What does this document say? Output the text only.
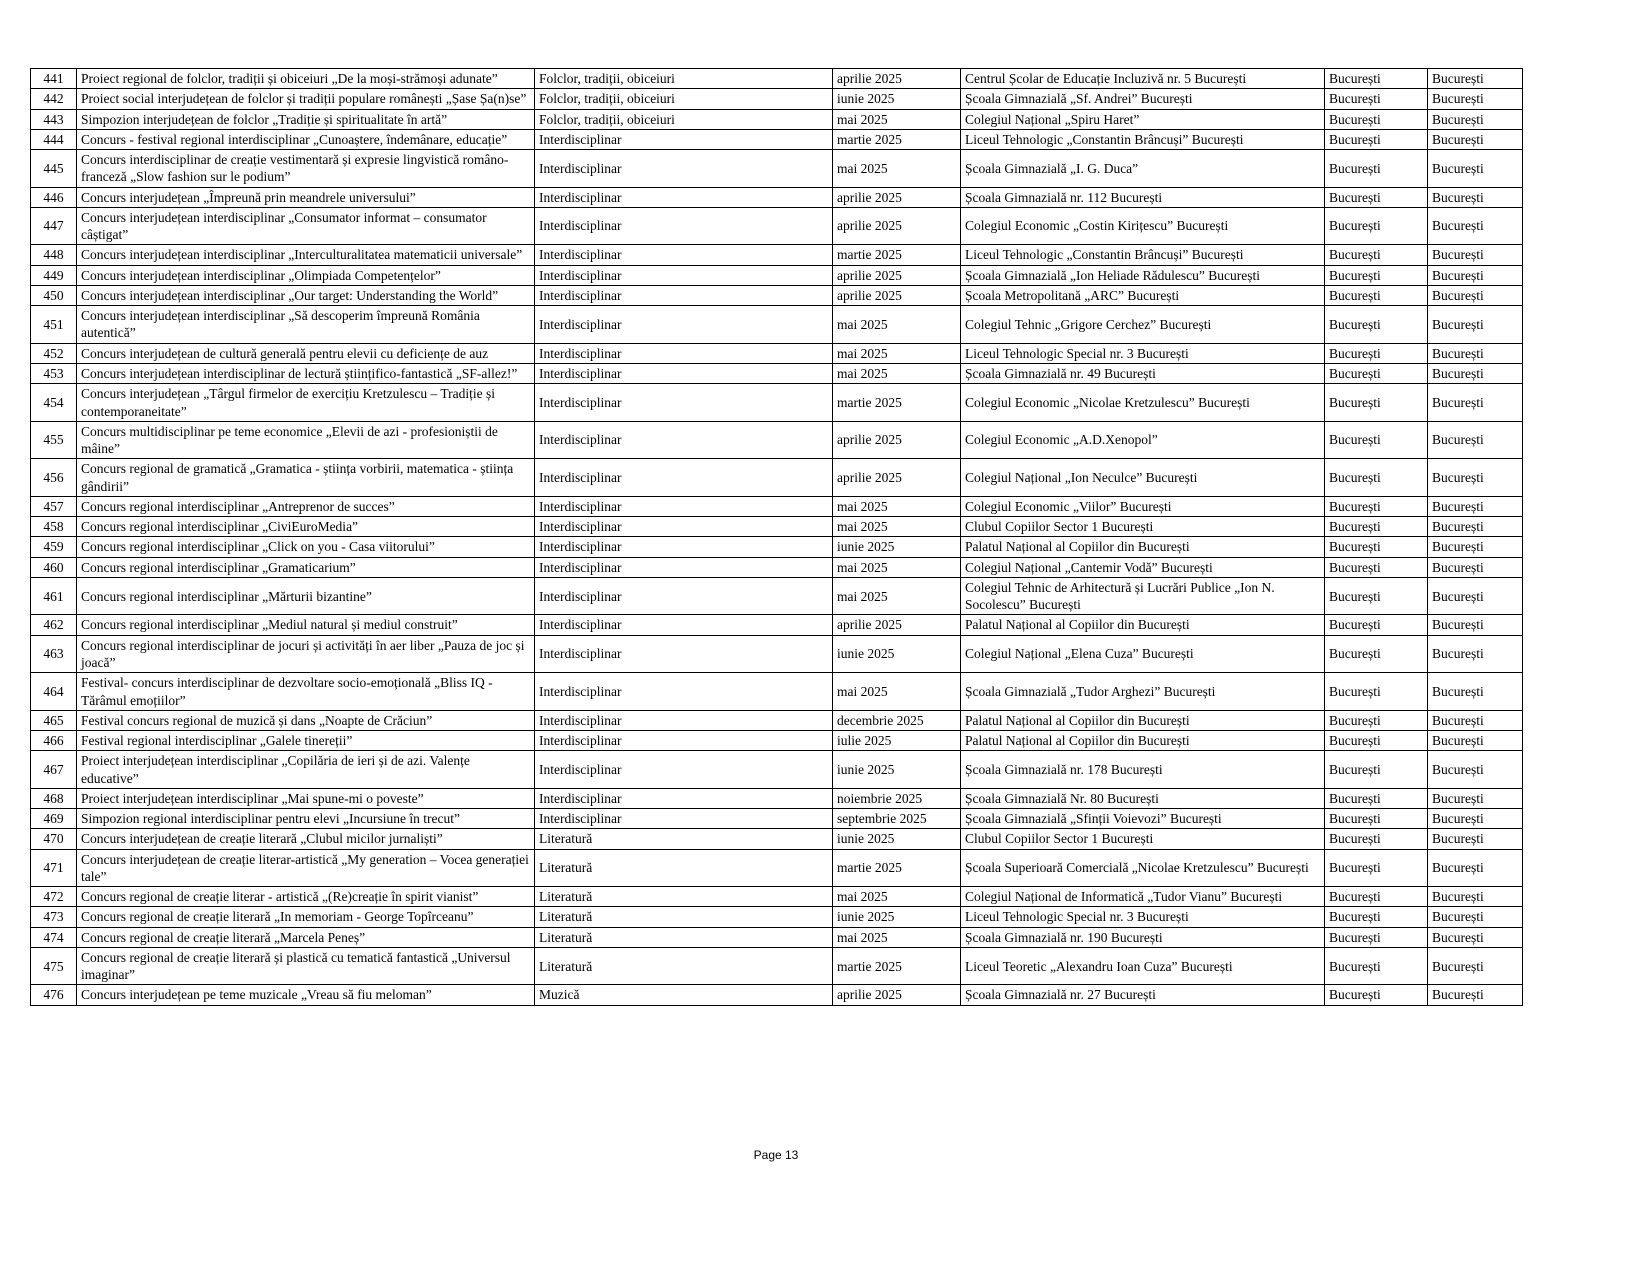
441	Proiect regional de folclor, tradiții și obiceiuri „De la moși-strămoși adunate”	Folclor, tradiții, obiceiuri	aprilie 2025	Centrul Școlar de Educație Incluzivă nr. 5 București	București	București
442	Proiect social interjudețean de folclor și tradiții populare românești „Șase Șa(n)se”	Folclor, tradiții, obiceiuri	iunie 2025	Școala Gimnazială „Sf. Andrei” București	București	București
443	Simpozion interjudețean de folclor „Tradiție și spiritualitate în artă”	Folclor, tradiții, obiceiuri	mai 2025	Colegiul Național „Spiru Haret”	București	București
444	Concurs - festival regional interdisciplinar „Cunoaștere, îndemânare, educație”	Interdisciplinar	martie 2025	Liceul Tehnologic „Constantin Brâncuși” București	București	București
445	Concurs interdisciplinar de creație vestimentară și expresie lingvistică româno-franceză „Slow fashion sur le podium”	Interdisciplinar	mai 2025	Școala Gimnazială „I. G. Duca”	București	București
446	Concurs interjudețean „Împreună prin meandrele universului”	Interdisciplinar	aprilie 2025	Școala Gimnazială nr. 112 București	București	București
447	Concurs interjudețean interdisciplinar „Consumator informat – consumator câștigat”	Interdisciplinar	aprilie 2025	Colegiul Economic „Costin Kirițescu” București	București	București
448	Concurs interjudețean interdisciplinar „Interculturalitatea matematicii universale”	Interdisciplinar	martie 2025	Liceul Tehnologic „Constantin Brâncuși” București	București	București
449	Concurs interjudețean interdisciplinar „Olimpiada Competențelor”	Interdisciplinar	aprilie 2025	Școala Gimnazială „Ion Heliade Rădulescu” București	București	București
450	Concurs interjudețean interdisciplinar „Our target: Understanding the World”	Interdisciplinar	aprilie 2025	Școala Metropolitană „ARC” București	București	București
451	Concurs interjudețean interdisciplinar „Să descoperim împreună România autentică”	Interdisciplinar	mai 2025	Colegiul Tehnic „Grigore Cerchez” București	București	București
452	Concurs interjudețean de cultură generală pentru elevii cu deficiențe de auz	Interdisciplinar	mai 2025	Liceul Tehnologic Special nr. 3 București	București	București
453	Concurs interjudețean interdisciplinar de lectură științifico-fantastică „SF-allez!”	Interdisciplinar	mai 2025	Școala Gimnazială nr. 49 București	București	București
454	Concurs interjudețean „Târgul firmelor de exercițiu Kretzulescu – Tradiție și contemporaneitate”	Interdisciplinar	martie 2025	Colegiul Economic „Nicolae Kretzulescu” București	București	București
455	Concurs multidisciplinar pe teme economice „Elevii de azi - profesioniștii de mâine”	Interdisciplinar	aprilie 2025	Colegiul Economic „A.D.Xenopol”	București	București
456	Concurs regional de gramatică „Gramatica - știința vorbirii, matematica - știința gândirii”	Interdisciplinar	aprilie 2025	Colegiul Național „Ion Neculce” București	București	București
457	Concurs regional interdisciplinar „Antreprenor de succes”	Interdisciplinar	mai 2025	Colegiul Economic „Viilor” București	București	București
458	Concurs regional interdisciplinar „CiviEuroMedia”	Interdisciplinar	mai 2025	Clubul Copiilor Sector 1 București	București	București
459	Concurs regional interdisciplinar „Click on you - Casa viitorului”	Interdisciplinar	iunie 2025	Palatul Național al Copiilor din București	București	București
460	Concurs regional interdisciplinar „Gramaticarium”	Interdisciplinar	mai 2025	Colegiul Național „Cantemir Vodă” București	București	București
461	Concurs regional interdisciplinar „Mărturii bizantine”	Interdisciplinar	mai 2025	Colegiul Tehnic de Arhitectură și Lucrări Publice „Ion N. Socolescu” București	București	București
462	Concurs regional interdisciplinar „Mediul natural și mediul construit”	Interdisciplinar	aprilie 2025	Palatul Național al Copiilor din București	București	București
463	Concurs regional interdisciplinar de jocuri și activități în aer liber „Pauza de joc și joacă”	Interdisciplinar	iunie 2025	Colegiul Național „Elena Cuza” București	București	București
464	Festival- concurs interdisciplinar de dezvoltare socio-emoțională „Bliss IQ - Tărâmul emoțiilor”	Interdisciplinar	mai 2025	Școala Gimnazială „Tudor Arghezi” București	București	București
465	Festival concurs regional de muzică și dans „Noapte de Crăciun”	Interdisciplinar	decembrie 2025	Palatul Național al Copiilor din București	București	București
466	Festival regional interdisciplinar „Galele tinereții”	Interdisciplinar	iulie 2025	Palatul Național al Copiilor din București	București	București
467	Proiect interjudețean interdisciplinar „Copilăria de ieri și de azi. Valențe educative”	Interdisciplinar	iunie 2025	Școala Gimnazială nr. 178 București	București	București
468	Proiect interjudețean interdisciplinar „Mai spune-mi o poveste”	Interdisciplinar	noiembrie 2025	Școala Gimnazială Nr. 80 București	București	București
469	Simpozion regional interdisciplinar pentru elevi „Incursiune în trecut”	Interdisciplinar	septembrie 2025	Școala Gimnazială „Sfinții Voievozi” București	București	București
470	Concurs interjudețean de creație literară „Clubul micilor jurnaliști”	Literatură	iunie 2025	Clubul Copiilor Sector 1 București	București	București
471	Concurs interjudețean de creație literar-artistică „My generation – Vocea generației tale”	Literatură	martie 2025	Școala Superioară Comercială „Nicolae Kretzulescu” București	București	București
472	Concurs regional de creație literar - artistică „(Re)creație în spirit vianist”	Literatură	mai 2025	Colegiul Național de Informatică „Tudor Vianu” București	București	București
473	Concurs regional de creație literară „In memoriam - George Topîrceanu”	Literatură	iunie 2025	Liceul Tehnologic Special nr. 3 București	București	București
474	Concurs regional de creație literară „Marcela Peneș”	Literatură	mai 2025	Școala Gimnazială nr. 190 București	București	București
475	Concurs regional de creație literară și plastică cu tematică fantastică „Universul imaginar”	Literatură	martie 2025	Liceul Teoretic „Alexandru Ioan Cuza” București	București	București
476	Concurs interjudețean pe teme muzicale „Vreau să fiu meloman”	Muzică	aprilie 2025	Școala Gimnazială nr. 27 București	București	București
Page 13
